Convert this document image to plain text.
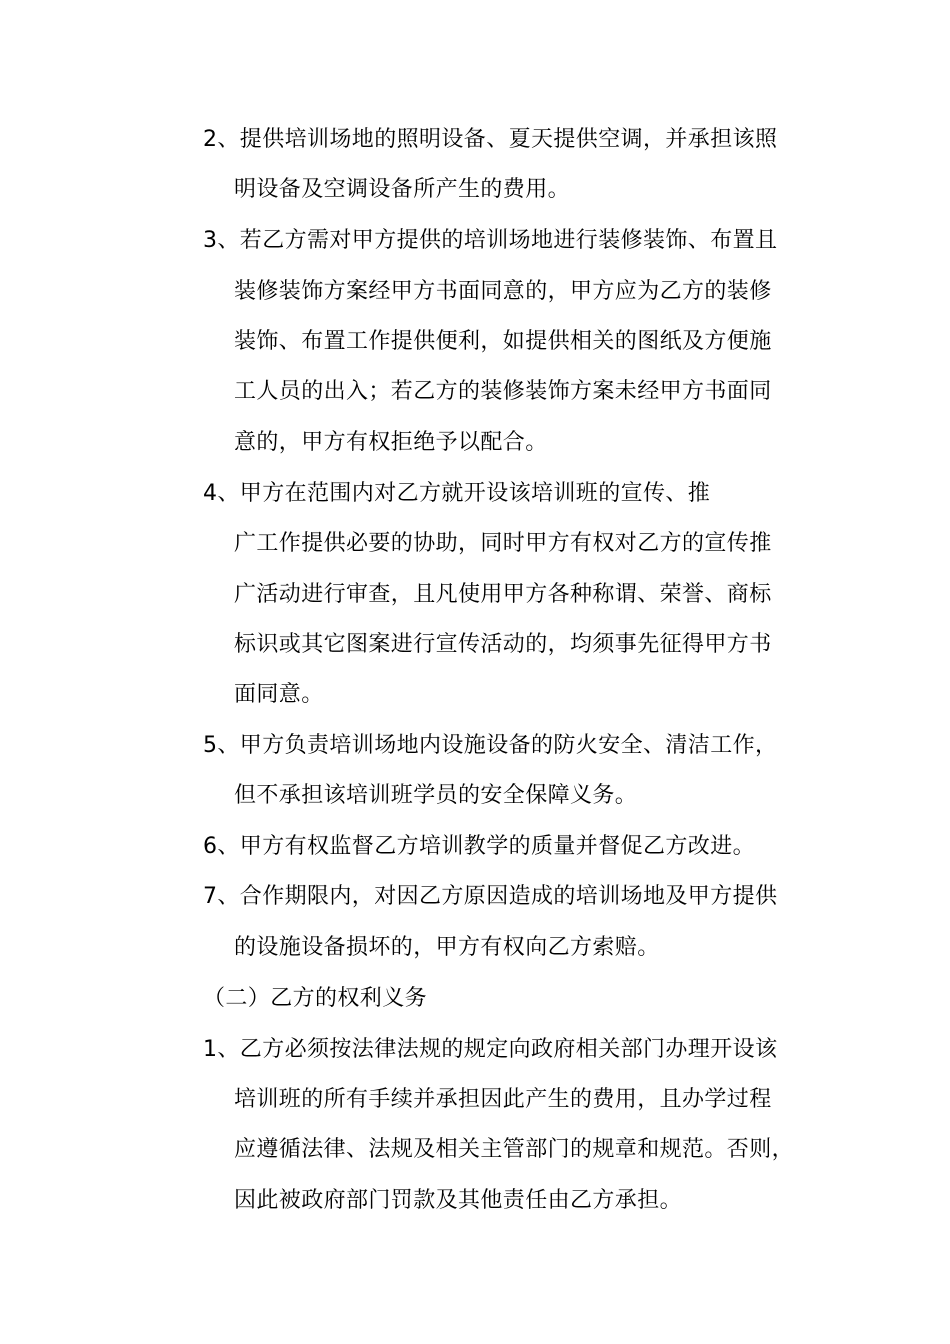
2、提供培训场地的照明设备、夏天提供空调，并承担该照
明设备及空调设备所产生的费用。
3、若乙方需对甲方提供的培训场地进行装修装饰、布置且
装修装饰方案经甲方书面同意的，甲方应为乙方的装修
装饰、布置工作提供便利，如提供相关的图纸及方便施
工人员的出入；若乙方的装修装饰方案未经甲方书面同
意的，甲方有权拒绝予以配合。
4、甲方在范围内对乙方就开设该培训班的宣传、推
广工作提供必要的协助，同时甲方有权对乙方的宣传推
广活动进行审查，且凡使用甲方各种称谓、荣誉、商标
标识或其它图案进行宣传活动的，均须事先征得甲方书
面同意。
5、甲方负责培训场地内设施设备的防火安全、清洁工作，
但不承担该培训班学员的安全保障义务。
6、甲方有权监督乙方培训教学的质量并督促乙方改进。
7、合作期限内，对因乙方原因造成的培训场地及甲方提供
的设施设备损坏的，甲方有权向乙方索赔。
（二）乙方的权利义务
1、乙方必须按法律法规的规定向政府相关部门办理开设该
培训班的所有手续并承担因此产生的费用，且办学过程
应遵循法律、法规及相关主管部门的规章和规范。否则，
因此被政府部门罚款及其他责任由乙方承担。
